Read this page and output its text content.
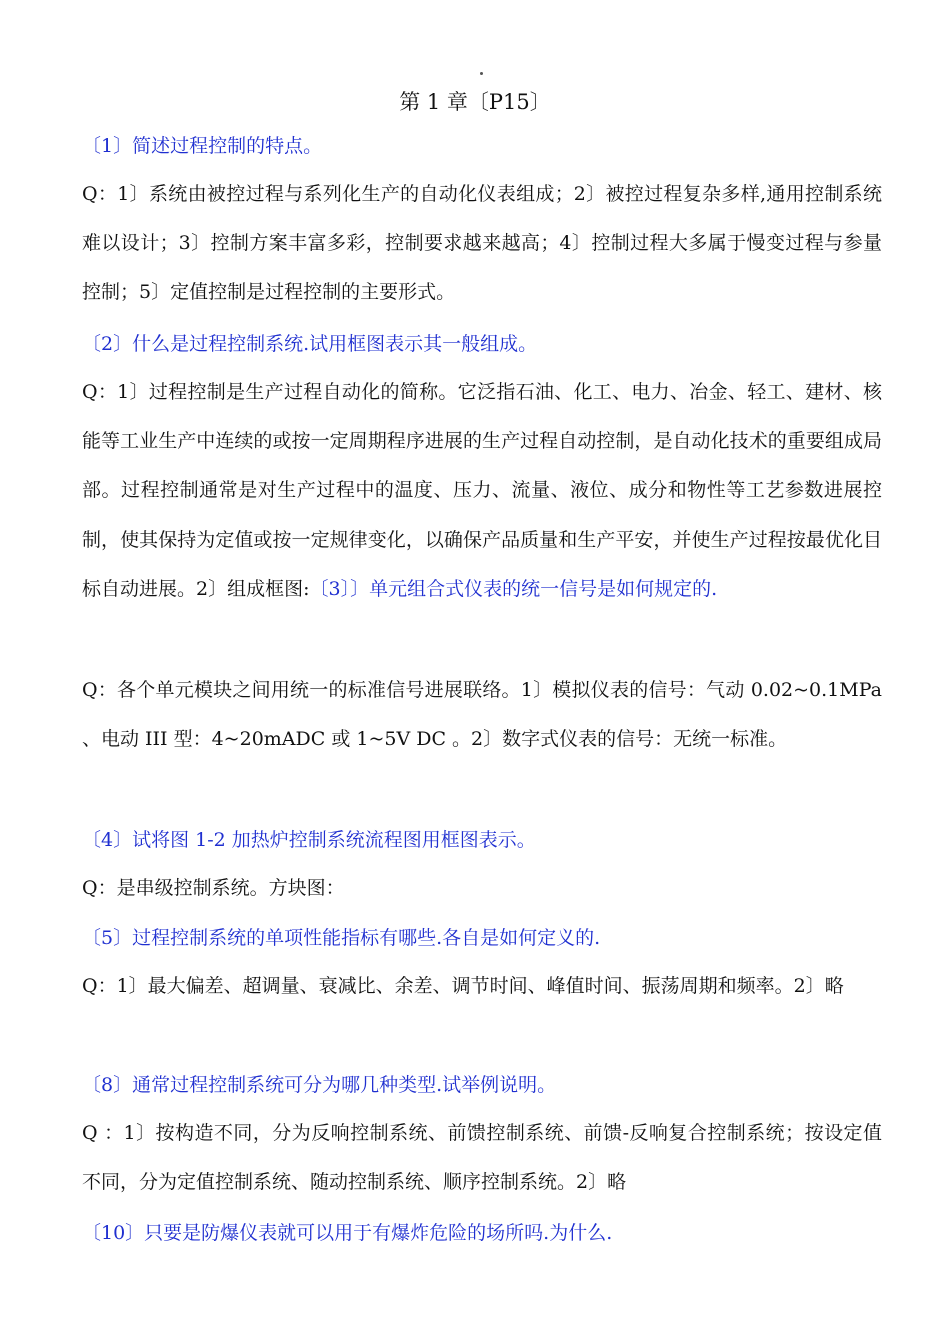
第 1 章〔P15〕
〔1〕简述过程控制的特点。
Q：1〕系统由被控过程与系列化生产的自动化仪表组成；2〕被控过程复杂多样,通用控制系统难以设计；3〕控制方案丰富多彩，控制要求越来越高；4〕控制过程大多属于慢变过程与参量控制；5〕定值控制是过程控制的主要形式。
〔2〕什么是过程控制系统.试用框图表示其一般组成。
Q：1〕过程控制是生产过程自动化的简称。它泛指石油、化工、电力、冶金、轻工、建材、核能等工业生产中连续的或按一定周期程序进展的生产过程自动控制，是自动化技术的重要组成局部。过程控制通常是对生产过程中的温度、压力、流量、液位、成分和物性等工艺参数进展控制，使其保持为定值或按一定规律变化，以确保产品质量和生产平安，并使生产过程按最优化目标自动进展。2〕组成框图:〔3〕〕单元组合式仪表的统一信号是如何规定的.
Q：各个单元模块之间用统一的标准信号进展联络。1〕模拟仪表的信号：气动 0.02~0.1MPa 、电动 III 型：4~20mADC 或 1~5V DC 。2〕数字式仪表的信号：无统一标准。
〔4〕试将图 1-2 加热炉控制系统流程图用框图表示。
Q：是串级控制系统。方块图：
〔5〕过程控制系统的单项性能指标有哪些.各自是如何定义的.
Q：1〕最大偏差、超调量、衰减比、余差、调节时间、峰值时间、振荡周期和频率。2〕略
〔8〕通常过程控制系统可分为哪几种类型.试举例说明。
Q ：1〕按构造不同，分为反响控制系统、前馈控制系统、前馈-反响复合控制系统；按设定值不同，分为定值控制系统、随动控制系统、顺序控制系统。2〕略
〔10〕只要是防爆仪表就可以用于有爆炸危险的场所吗.为什么.
